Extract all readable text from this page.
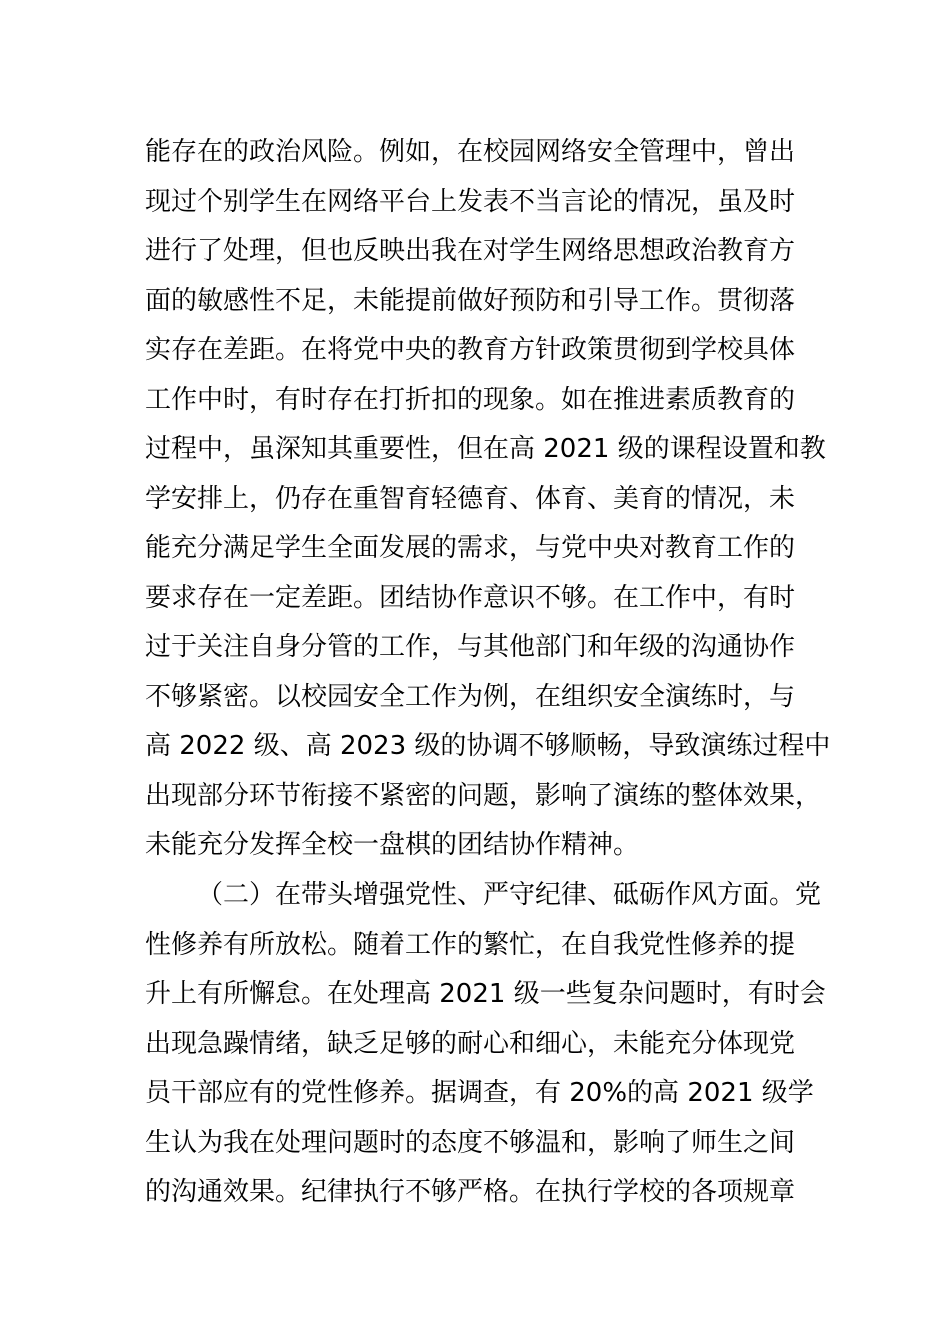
能存在的政治风险。例如，在校园网络安全管理中，曾出
现过个别学生在网络平台上发表不当言论的情况，虽及时
进行了处理，但也反映出我在对学生网络思想政治教育方
面的敏感性不足，未能提前做好预防和引导工作。贯彻落
实存在差距。在将党中央的教育方针政策贯彻到学校具体
工作中时，有时存在打折扣的现象。如在推进素质教育的
过程中，虽深知其重要性，但在高 2021 级的课程设置和教
学安排上，仍存在重智育轻德育、体育、美育的情况，未
能充分满足学生全面发展的需求，与党中央对教育工作的
要求存在一定差距。团结协作意识不够。在工作中，有时
过于关注自身分管的工作，与其他部门和年级的沟通协作
不够紧密。以校园安全工作为例，在组织安全演练时，与
高 2022 级、高 2023 级的协调不够顺畅，导致演练过程中
出现部分环节衔接不紧密的问题，影响了演练的整体效果，
未能充分发挥全校一盘棋的团结协作精神。
（二）在带头增强党性、严守纪律、砥砺作风方面。党
性修养有所放松。随着工作的繁忙，在自我党性修养的提
升上有所懈怠。在处理高 2021 级一些复杂问题时，有时会
出现急躁情绪，缺乏足够的耐心和细心，未能充分体现党
员干部应有的党性修养。据调查，有 20%的高 2021 级学
生认为我在处理问题时的态度不够温和，影响了师生之间
的沟通效果。纪律执行不够严格。在执行学校的各项规章
